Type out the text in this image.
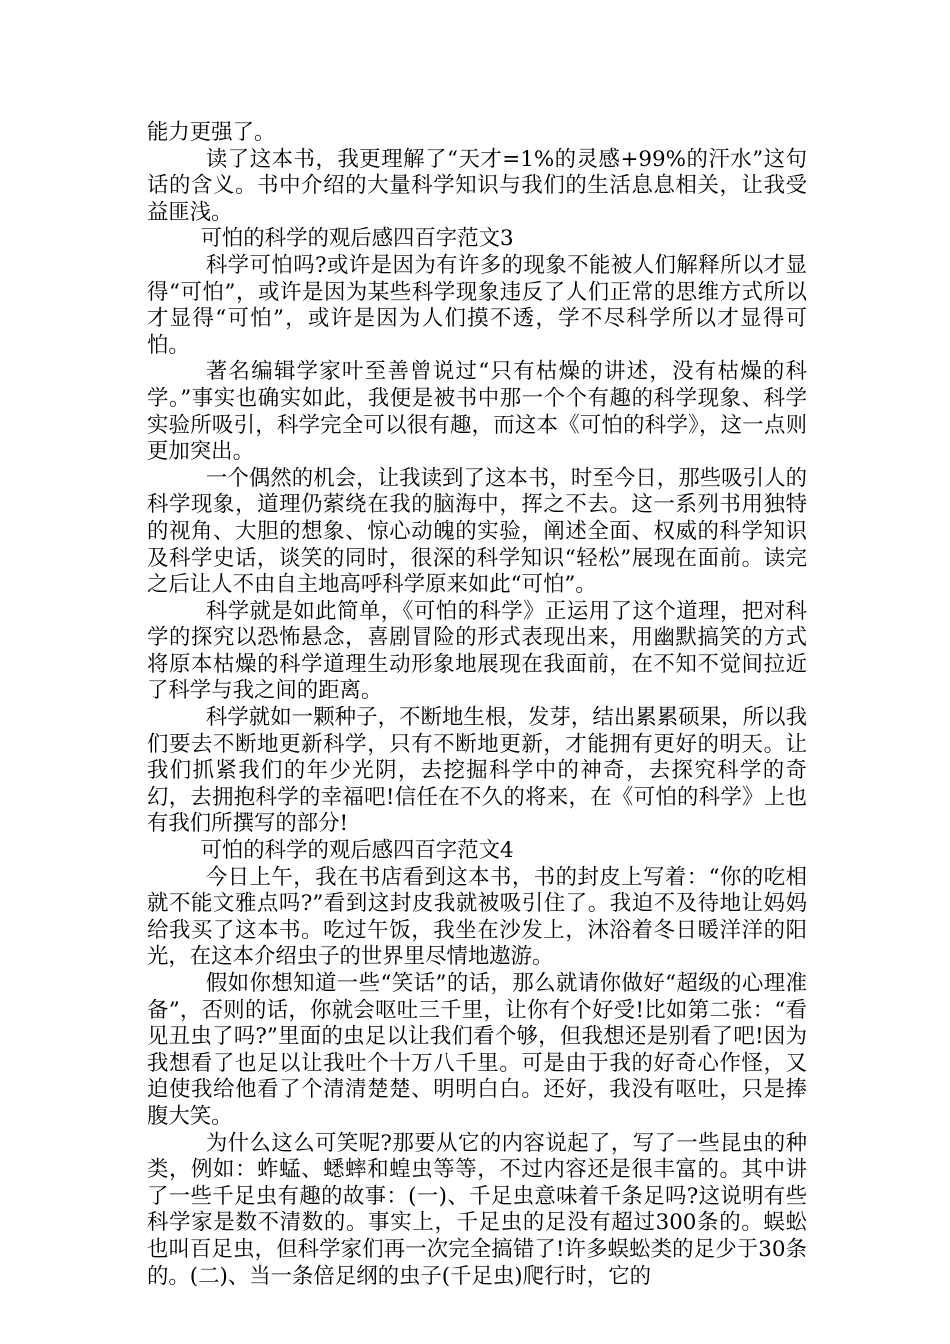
能力更强了。

读了这本书，我更理解了“天才=1%的灵感+99%的汗水”这句话的含义。书中介绍的大量科学知识与我们的生活息息相关，让我受益匪浅。

可怕的科学的观后感四百字范文3

科学可怕吗?或许是因为有许多的现象不能被人们解释所以才显得“可怕”，或许是因为某些科学现象违反了人们正常的思维方式所以才显得“可怕”，或许是因为人们摸不透，学不尽科学所以才显得可怕。

著名编辑学家叶至善曾说过“只有枯燥的讲述，没有枯燥的科学。”事实也确实如此，我便是被书中那一个个有趣的科学现象、科学实验所吸引，科学完全可以很有趣，而这本《可怕的科学》，这一点则更加突出。

一个偶然的机会，让我读到了这本书，时至今日，那些吸引人的科学现象，道理仍萦绕在我的脑海中，挥之不去。这一系列书用独特的视角、大胆的想象、惊心动魄的实验，阐述全面、权威的科学知识及科学史话，谈笑的同时，很深的科学知识“轻松”展现在面前。读完之后让人不由自主地高呼科学原来如此“可怕”。

科学就是如此简单，《可怕的科学》正运用了这个道理，把对科学的探究以恐怖悬念，喜剧冒险的形式表现出来，用幽默搞笑的方式将原本枯燥的科学道理生动形象地展现在我面前，在不知不觉间拉近了科学与我之间的距离。

科学就如一颗种子，不断地生根，发芽，结出累累硕果，所以我们要去不断地更新科学，只有不断地更新，才能拥有更好的明天。让我们抓紧我们的年少光阴，去挖掘科学中的神奇，去探究科学的奇幻，去拥抱科学的幸福吧!信任在不久的将来，在《可怕的科学》上也有我们所撰写的部分!

可怕的科学的观后感四百字范文4

今日上午，我在书店看到这本书，书的封皮上写着：“你的吃相就不能文雅点吗?”看到这封皮我就被吸引住了。我迫不及待地让妈妈给我买了这本书。吃过午饭，我坐在沙发上，沐浴着冬日暖洋洋的阳光，在这本介绍虫子的世界里尽情地遨游。

假如你想知道一些“笑话”的话，那么就请你做好“超级的心理准备”，否则的话，你就会呕吐三千里，让你有个好受!比如第二张：“看见丑虫了吗?”里面的虫足以让我们看个够，但我想还是别看了吧!因为我想看了也足以让我吐个十万八千里。可是由于我的好奇心作怪，又迫使我给他看了个清清楚楚、明明白白。还好，我没有呕吐，只是捧腹大笑。

为什么这么可笑呢?那要从它的内容说起了，写了一些昆虫的种类，例如：蚱蜢、蟋蟀和蝗虫等等，不过内容还是很丰富的。其中讲了一些千足虫有趣的故事：(一)、千足虫意味着千条足吗?这说明有些科学家是数不清数的。事实上，千足虫的足没有超过300条的。蜈蚣也叫百足虫，但科学家们再一次完全搞错了!许多蜈蚣类的足少于30条的。(二)、当一条倍足纲的虫子(千足虫)爬行时，它的
